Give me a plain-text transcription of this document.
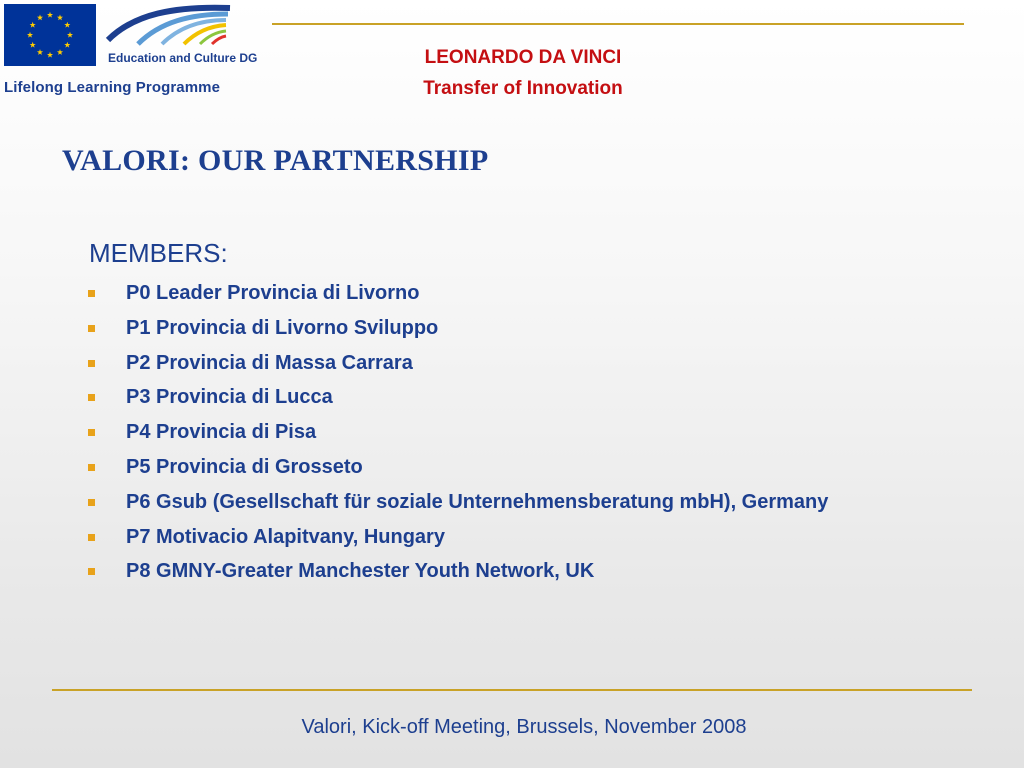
Education and Culture DG
Lifelong Learning Programme
LEONARDO DA VINCI
Transfer of Innovation
VALORI: OUR PARTNERSHIP
MEMBERS:
P0 Leader Provincia di Livorno
P1 Provincia di Livorno Sviluppo
P2 Provincia di Massa Carrara
P3 Provincia di Lucca
P4 Provincia di Pisa
P5 Provincia di Grosseto
P6 Gsub (Gesellschaft für soziale Unternehmensberatung mbH), Germany
P7 Motivacio Alapitvany, Hungary
P8 GMNY-Greater Manchester Youth Network, UK
Valori, Kick-off Meeting, Brussels, November 2008
